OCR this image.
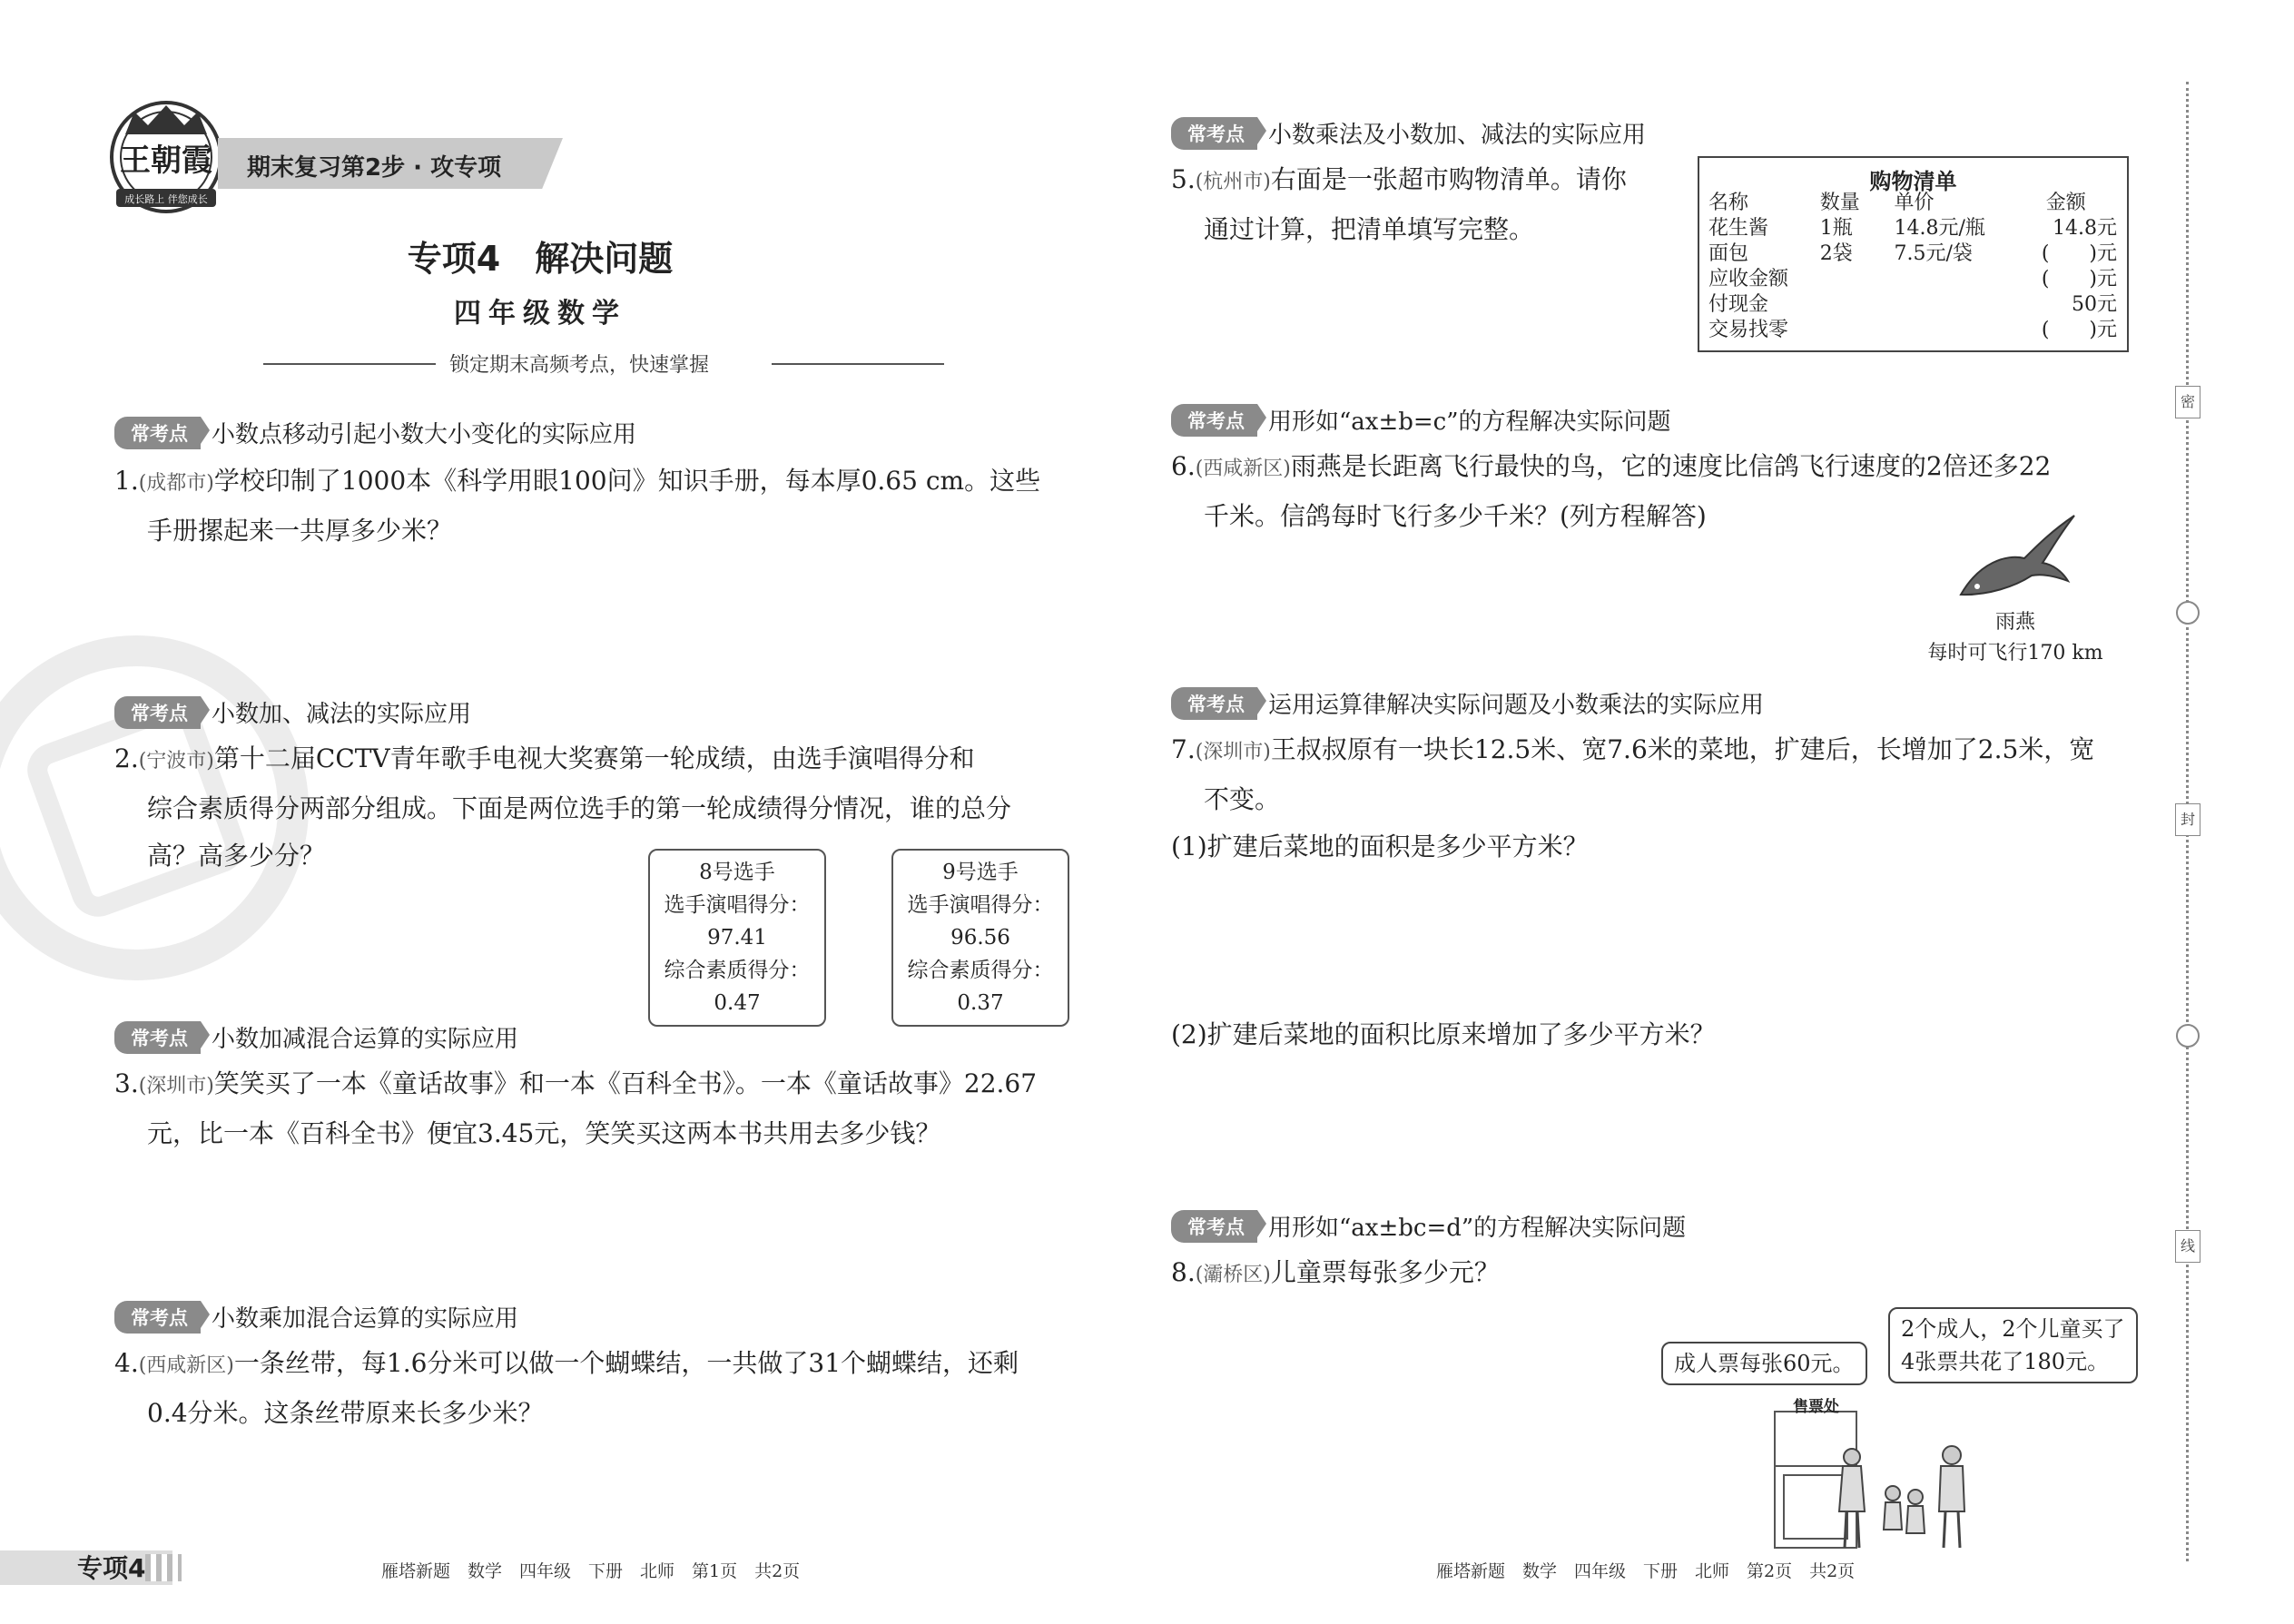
王朝霞
成长路上 伴您成长
期末复习第2步 · 攻专项
专项4　解决问题
四年级数学
锁定期末高频考点，快速掌握
常考点	小数点移动引起小数大小变化的实际应用
1.(成都市)学校印制了1000本《科学用眼100问》知识手册，每本厚0.65 cm。这些
手册摞起来一共厚多少米？
常考点	小数加、减法的实际应用
2.(宁波市)第十二届CCTV青年歌手电视大奖赛第一轮成绩，由选手演唱得分和
综合素质得分两部分组成。下面是两位选手的第一轮成绩得分情况，谁的总分
高？高多少分？
8号选手
选手演唱得分：
97.41
综合素质得分：
0.47
9号选手
选手演唱得分：
96.56
综合素质得分：
0.37
常考点	小数加减混合运算的实际应用
3.(深圳市)笑笑买了一本《童话故事》和一本《百科全书》。一本《童话故事》22.67
元，比一本《百科全书》便宜3.45元，笑笑买这两本书共用去多少钱？
常考点	小数乘加混合运算的实际应用
4.(西咸新区)一条丝带，每1.6分米可以做一个蝴蝶结，一共做了31个蝴蝶结，还剩
0.4分米。这条丝带原来长多少米？
常考点	小数乘法及小数加、减法的实际应用
5.(杭州市)右面是一张超市购物清单。请你
通过计算，把清单填写完整。
购物清单
名称	数量	单价	金额
花生酱	1瓶	14.8元/瓶	14.8元
面包	2袋	7.5元/袋	(　　)元
应收金额			(　　)元
付现金			50元
交易找零			(　　)元
常考点	用形如“ax±b=c”的方程解决实际问题
6.(西咸新区)雨燕是长距离飞行最快的鸟，它的速度比信鸽飞行速度的2倍还多22
千米。信鸽每时飞行多少千米？(列方程解答)
雨燕
每时可飞行170 km
常考点	运用运算律解决实际问题及小数乘法的实际应用
7.(深圳市)王叔叔原有一块长12.5米、宽7.6米的菜地，扩建后，长增加了2.5米，宽
不变。
(1)扩建后菜地的面积是多少平方米？
(2)扩建后菜地的面积比原来增加了多少平方米？
常考点	用形如“ax±bc=d”的方程解决实际问题
8.(灞桥区)儿童票每张多少元？
成人票每张60元。
2个成人，2个儿童买了
4张票共花了180元。
售票处
密
封
线
专项4	雁塔新题　数学　四年级　下册　北师　第1页　共2页	雁塔新题　数学　四年级　下册　北师　第2页　共2页
